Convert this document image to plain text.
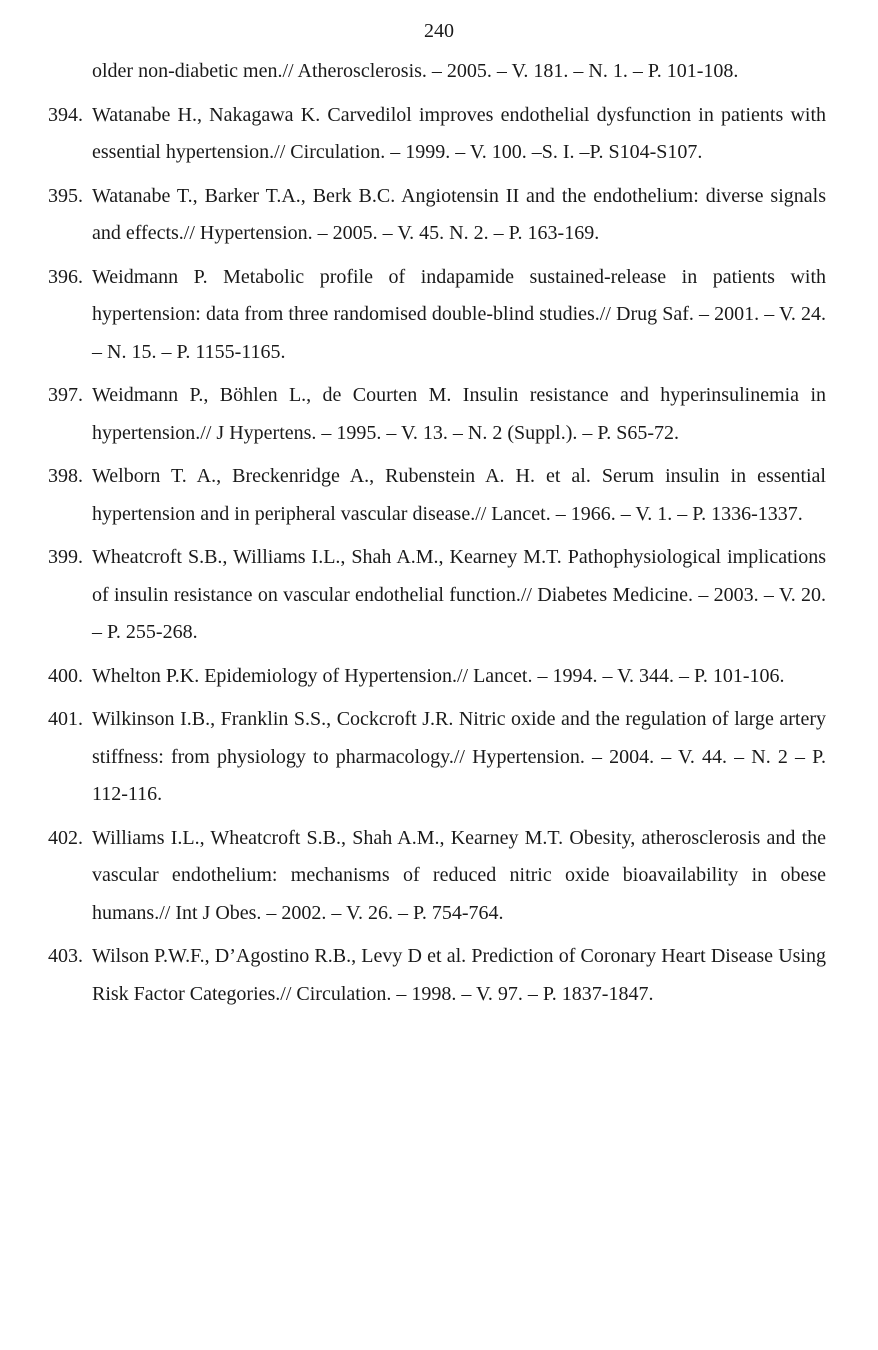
240
older non-diabetic men.// Atherosclerosis. – 2005. – V. 181. – N. 1. – P. 101-108.
394. Watanabe H., Nakagawa K. Carvedilol improves endothelial dysfunction in patients with essential hypertension.// Circulation. – 1999. – V. 100. –S. I. –P. S104-S107.
395. Watanabe T., Barker T.A., Berk B.C. Angiotensin II and the endothelium: diverse signals and effects.// Hypertension. – 2005. – V. 45. N. 2. – P. 163-169.
396. Weidmann P. Metabolic profile of indapamide sustained-release in patients with hypertension: data from three randomised double-blind studies.// Drug Saf. – 2001. – V. 24. – N. 15. – P. 1155-1165.
397. Weidmann P., Böhlen L., de Courten M. Insulin resistance and hyperinsulinemia in hypertension.// J Hypertens. – 1995. – V. 13. – N. 2 (Suppl.). – P. S65-72.
398. Welborn T. A., Breckenridge A., Rubenstein A. H. et al. Serum insulin in essential hypertension and in peripheral vascular disease.// Lancet. – 1966. – V. 1. – P. 1336-1337.
399. Wheatcroft S.B., Williams I.L., Shah A.M., Kearney M.T. Pathophysiological implications of insulin resistance on vascular endothelial function.// Diabetes Medicine. – 2003. – V. 20. – P. 255-268.
400. Whelton P.K. Epidemiology of Hypertension.// Lancet. – 1994. – V. 344. – P. 101-106.
401. Wilkinson I.B., Franklin S.S., Cockcroft J.R. Nitric oxide and the regulation of large artery stiffness: from physiology to pharmacology.// Hypertension. – 2004. – V. 44. – N. 2 – P. 112-116.
402. Williams I.L., Wheatcroft S.B., Shah A.M., Kearney M.T. Obesity, atherosclerosis and the vascular endothelium: mechanisms of reduced nitric oxide bioavailability in obese humans.// Int J Obes. – 2002. – V. 26. – P. 754-764.
403. Wilson P.W.F., D’Agostino R.B., Levy D et al. Prediction of Coronary Heart Disease Using Risk Factor Categories.// Circulation. – 1998. – V. 97. – P. 1837-1847.
